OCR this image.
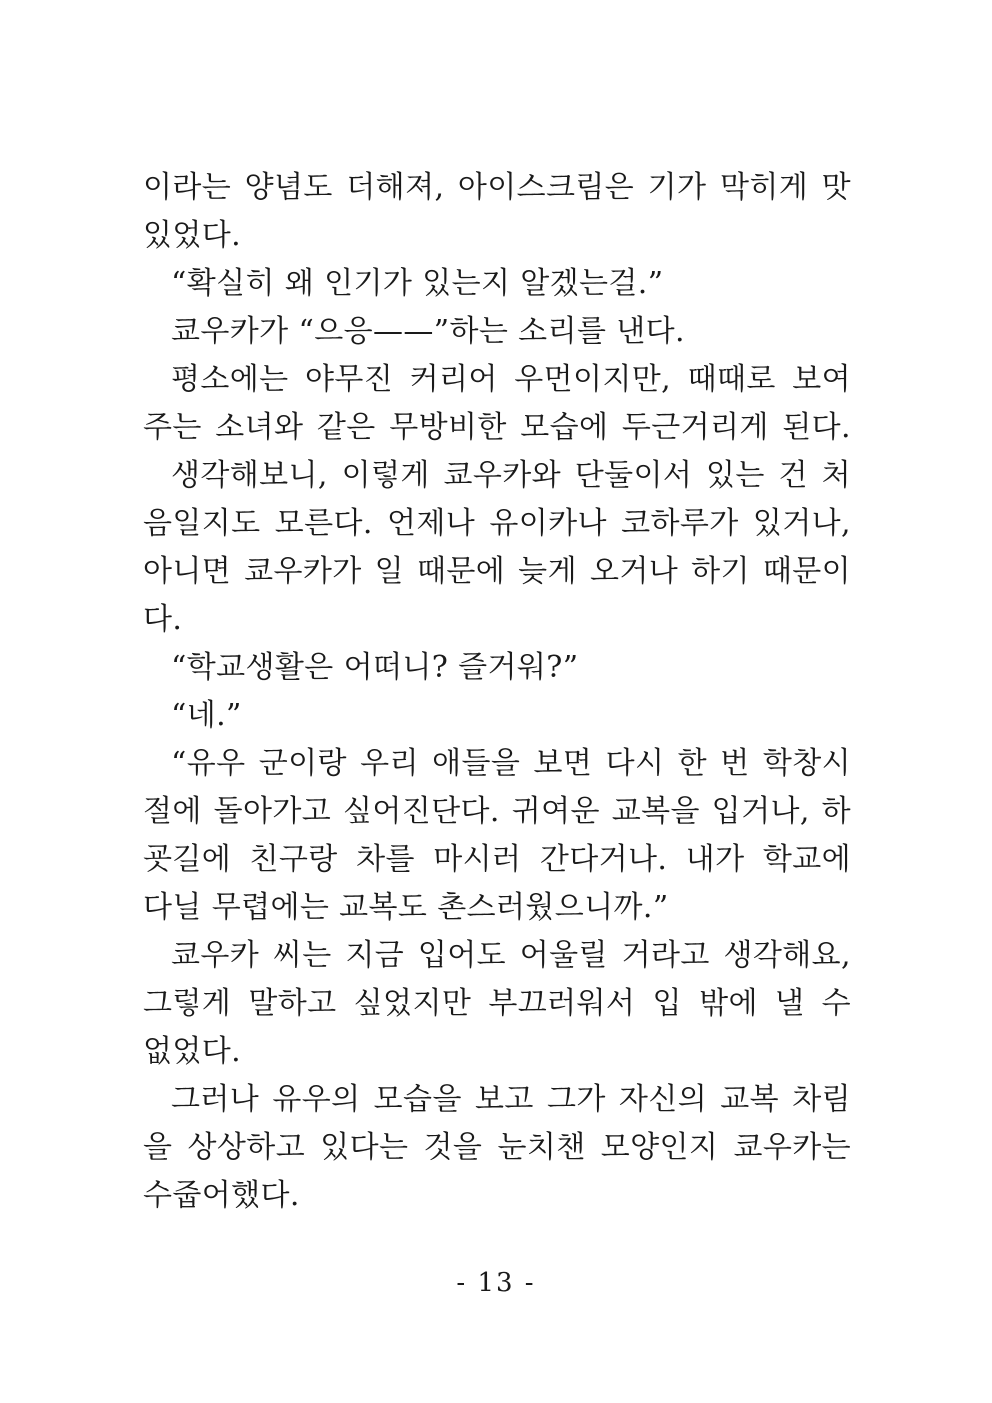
이라는 양념도 더해져, 아이스크림은 기가 막히게 맛
있었다.
“확실히 왜 인기가 있는지 알겠는걸.”
쿄우카가 “으응——”하는 소리를 낸다.
평소에는 야무진 커리어 우먼이지만, 때때로 보여
주는 소녀와 같은 무방비한 모습에 두근거리게 된다.
생각해보니, 이렇게 쿄우카와 단둘이서 있는 건 처
음일지도 모른다. 언제나 유이카나 코하루가 있거나,
아니면 쿄우카가 일 때문에 늦게 오거나 하기 때문이
다.
“학교생활은 어떠니? 즐거워?”
“네.”
“유우 군이랑 우리 애들을 보면 다시 한 번 학창시
절에 돌아가고 싶어진단다. 귀여운 교복을 입거나, 하
굣길에 친구랑 차를 마시러 간다거나. 내가 학교에
다닐 무렵에는 교복도 촌스러웠으니까.”
쿄우카 씨는 지금 입어도 어울릴 거라고 생각해요,
그렇게 말하고 싶었지만 부끄러워서 입 밖에 낼 수
없었다.
그러나 유우의 모습을 보고 그가 자신의 교복 차림
을 상상하고 있다는 것을 눈치챈 모양인지 쿄우카는
수줍어했다.
- 13 -
